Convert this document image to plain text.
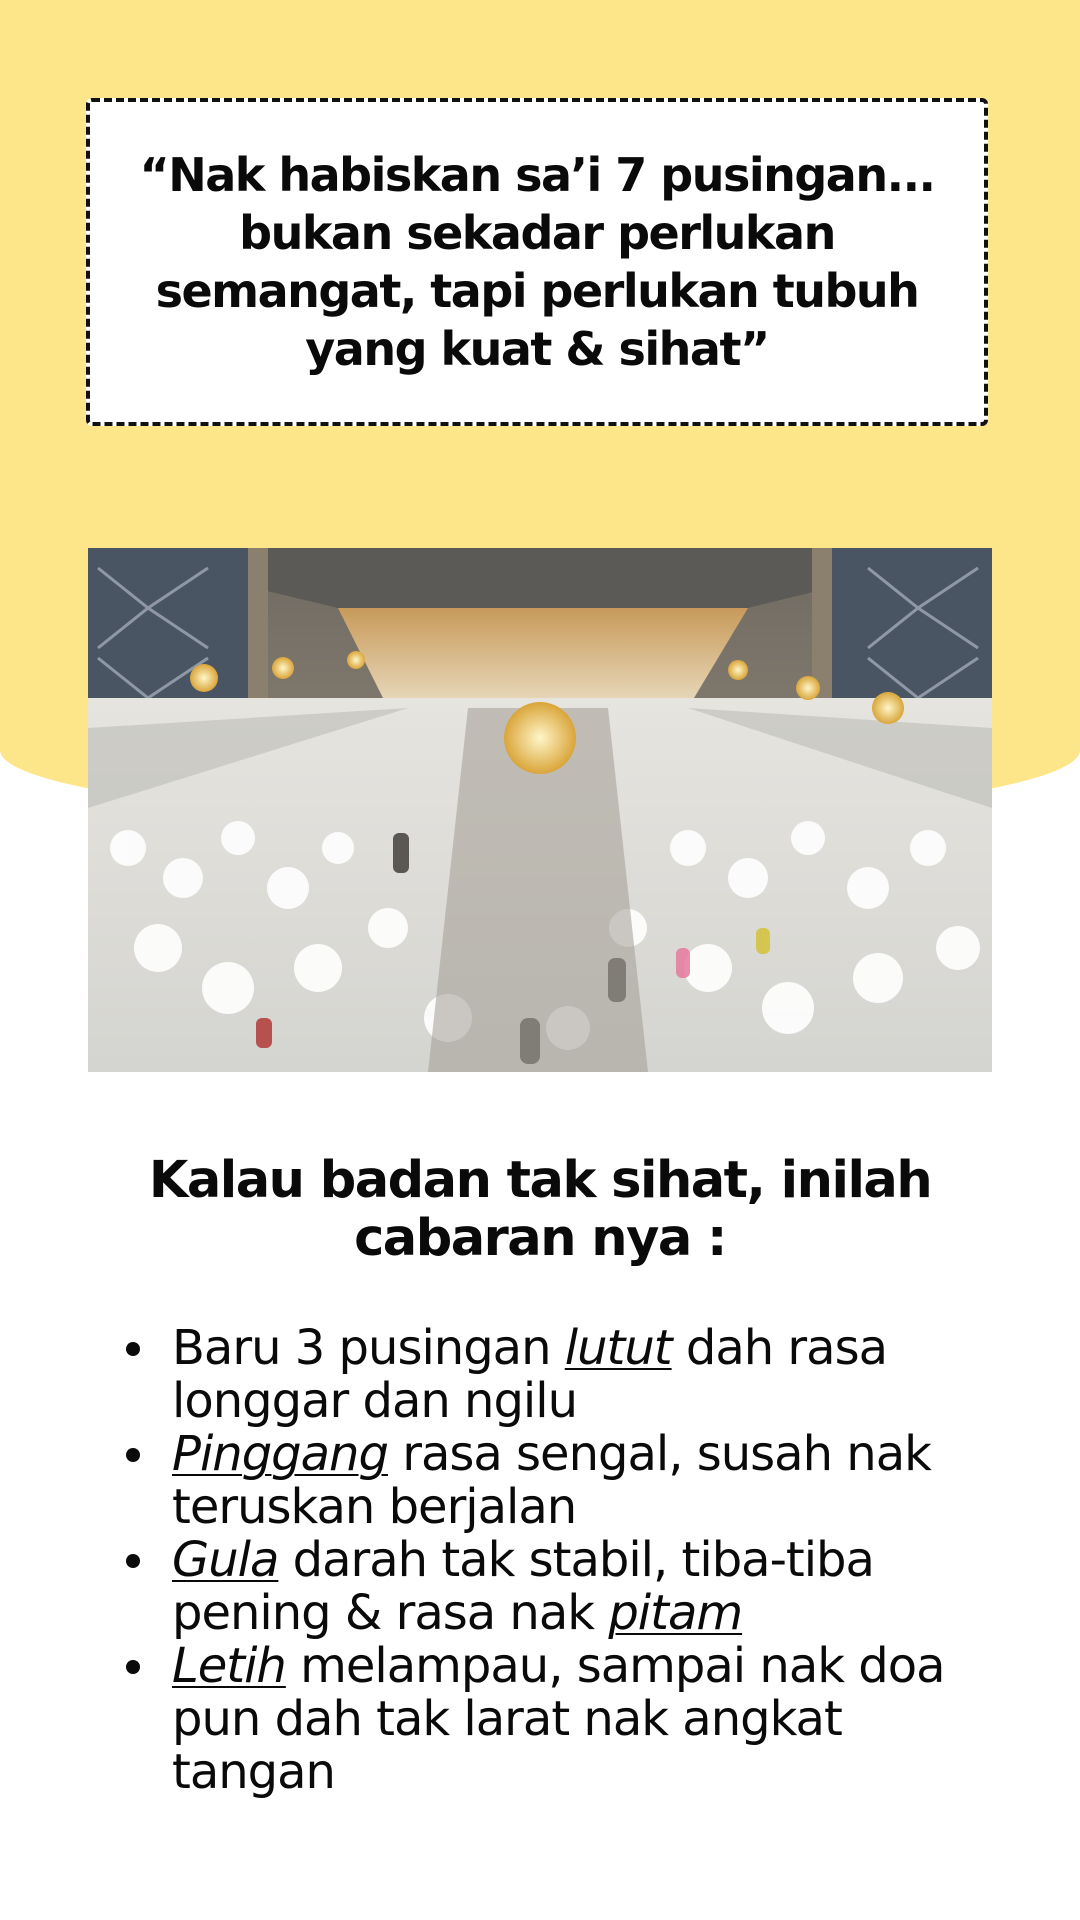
“Nak habiskan sa’i 7 pusingan...
bukan sekadar perlukan
semangat, tapi perlukan tubuh
yang kuat & sihat”

Kalau badan tak sihat, inilah
cabaran nya :

Baru 3 pusingan lutut dah rasa longgar dan ngilu
Pinggang rasa sengal, susah nak teruskan berjalan
Gula darah tak stabil, tiba-tiba pening & rasa nak pitam
Letih melampau, sampai nak doa pun dah tak larat nak angkat tangan
